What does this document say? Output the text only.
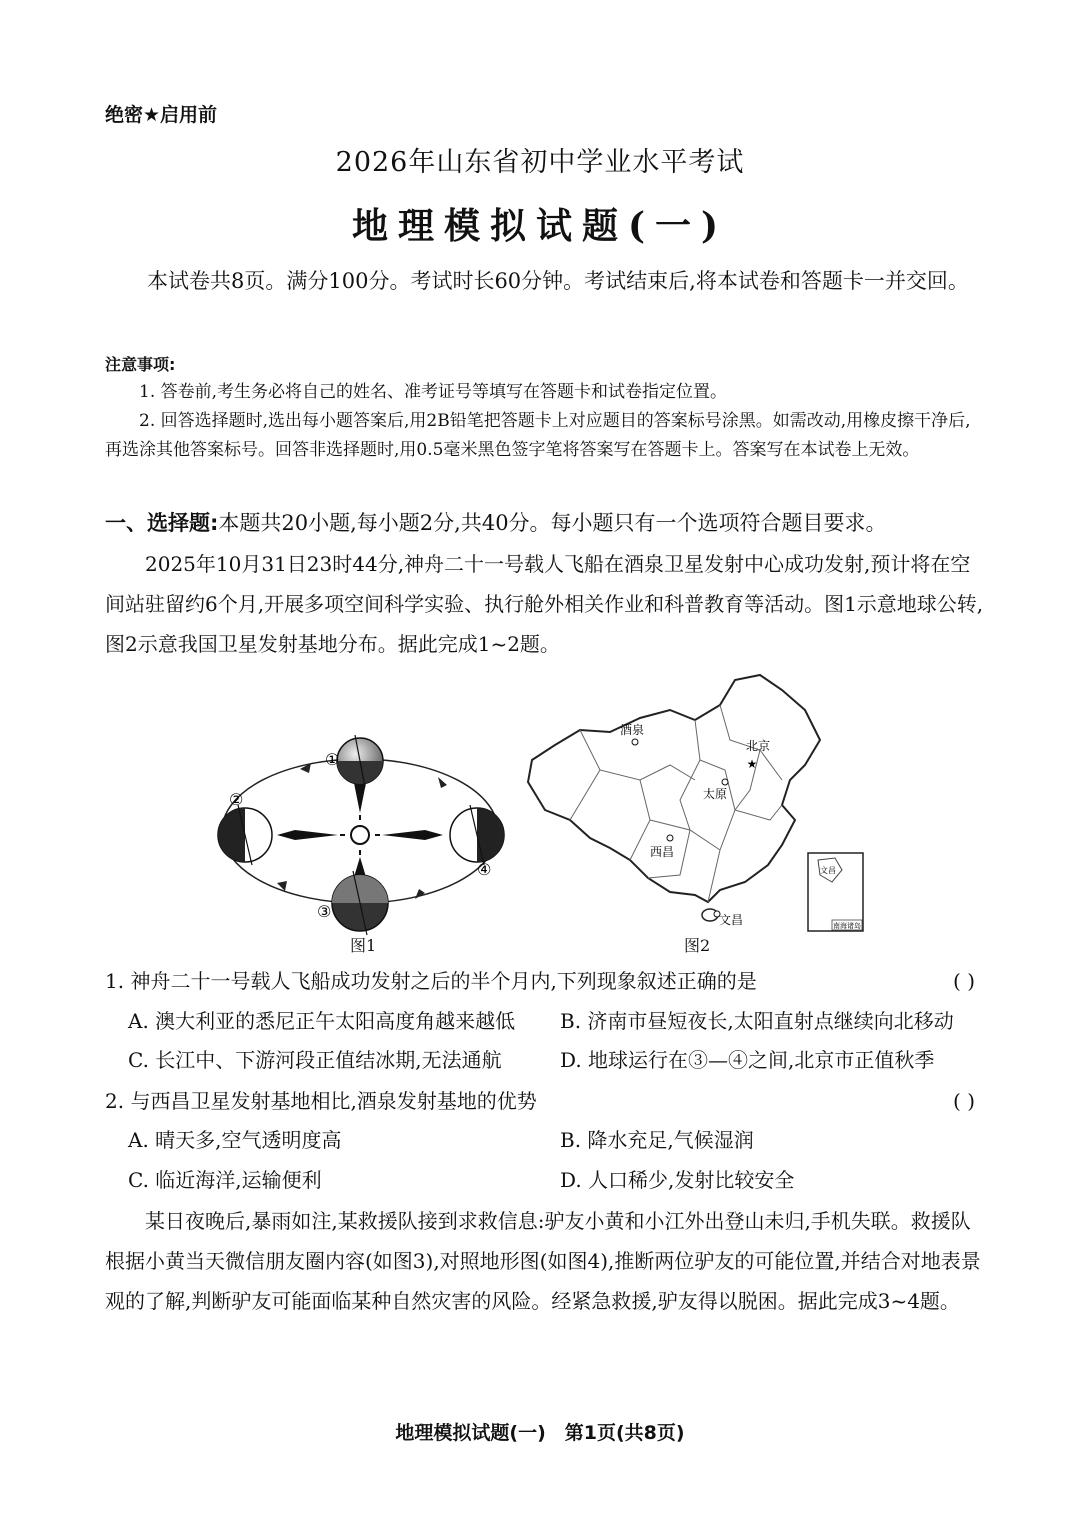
绝密★启用前
2026年山东省初中学业水平考试
地理模拟试题(一)
本试卷共8页。满分100分。考试时长60分钟。考试结束后,将本试卷和答题卡一并交回。
注意事项:

1. 答卷前,考生务必将自己的姓名、准考证号等填写在答题卡和试卷指定位置。

2. 回答选择题时,选出每小题答案后,用2B铅笔把答题卡上对应题目的答案标号涂黑。如需改动,用橡皮擦干净后,再选涂其他答案标号。回答非选择题时,用0.5毫米黑色签字笔将答案写在答题卡上。答案写在本试卷上无效。

一、选择题:本题共20小题,每小题2分,共40分。每小题只有一个选项符合题目要求。
2025年10月31日23时44分,神舟二十一号载人飞船在酒泉卫星发射中心成功发射,预计将在空间站驻留约6个月,开展多项空间科学实验、执行舱外相关作业和科普教育等活动。图1示意地球公转,图2示意我国卫星发射基地分布。据此完成1~2题。
①
②
③
④
图1
酒泉
★
北京
太原
西昌
文昌
文昌
南海诸岛
图2
1. 神舟二十一号载人飞船成功发射之后的半个月内,下列现象叙述正确的是	( )
A. 澳大利亚的悉尼正午太阳高度角越来越低 B. 济南市昼短夜长,太阳直射点继续向北移动
C. 长江中、下游河段正值结冰期,无法通航	D. 地球运行在③—④之间,北京市正值秋季
2. 与西昌卫星发射基地相比,酒泉发射基地的优势	( )
A. 晴天多,空气透明度高	B. 降水充足,气候湿润
C. 临近海洋,运输便利	D. 人口稀少,发射比较安全
某日夜晚后,暴雨如注,某救援队接到求救信息:驴友小黄和小江外出登山未归,手机失联。救援队根据小黄当天微信朋友圈内容(如图3),对照地形图(如图4),推断两位驴友的可能位置,并结合对地表景观的了解,判断驴友可能面临某种自然灾害的风险。经紧急救援,驴友得以脱困。据此完成3~4题。
地理模拟试题(一)　第1页(共8页)
